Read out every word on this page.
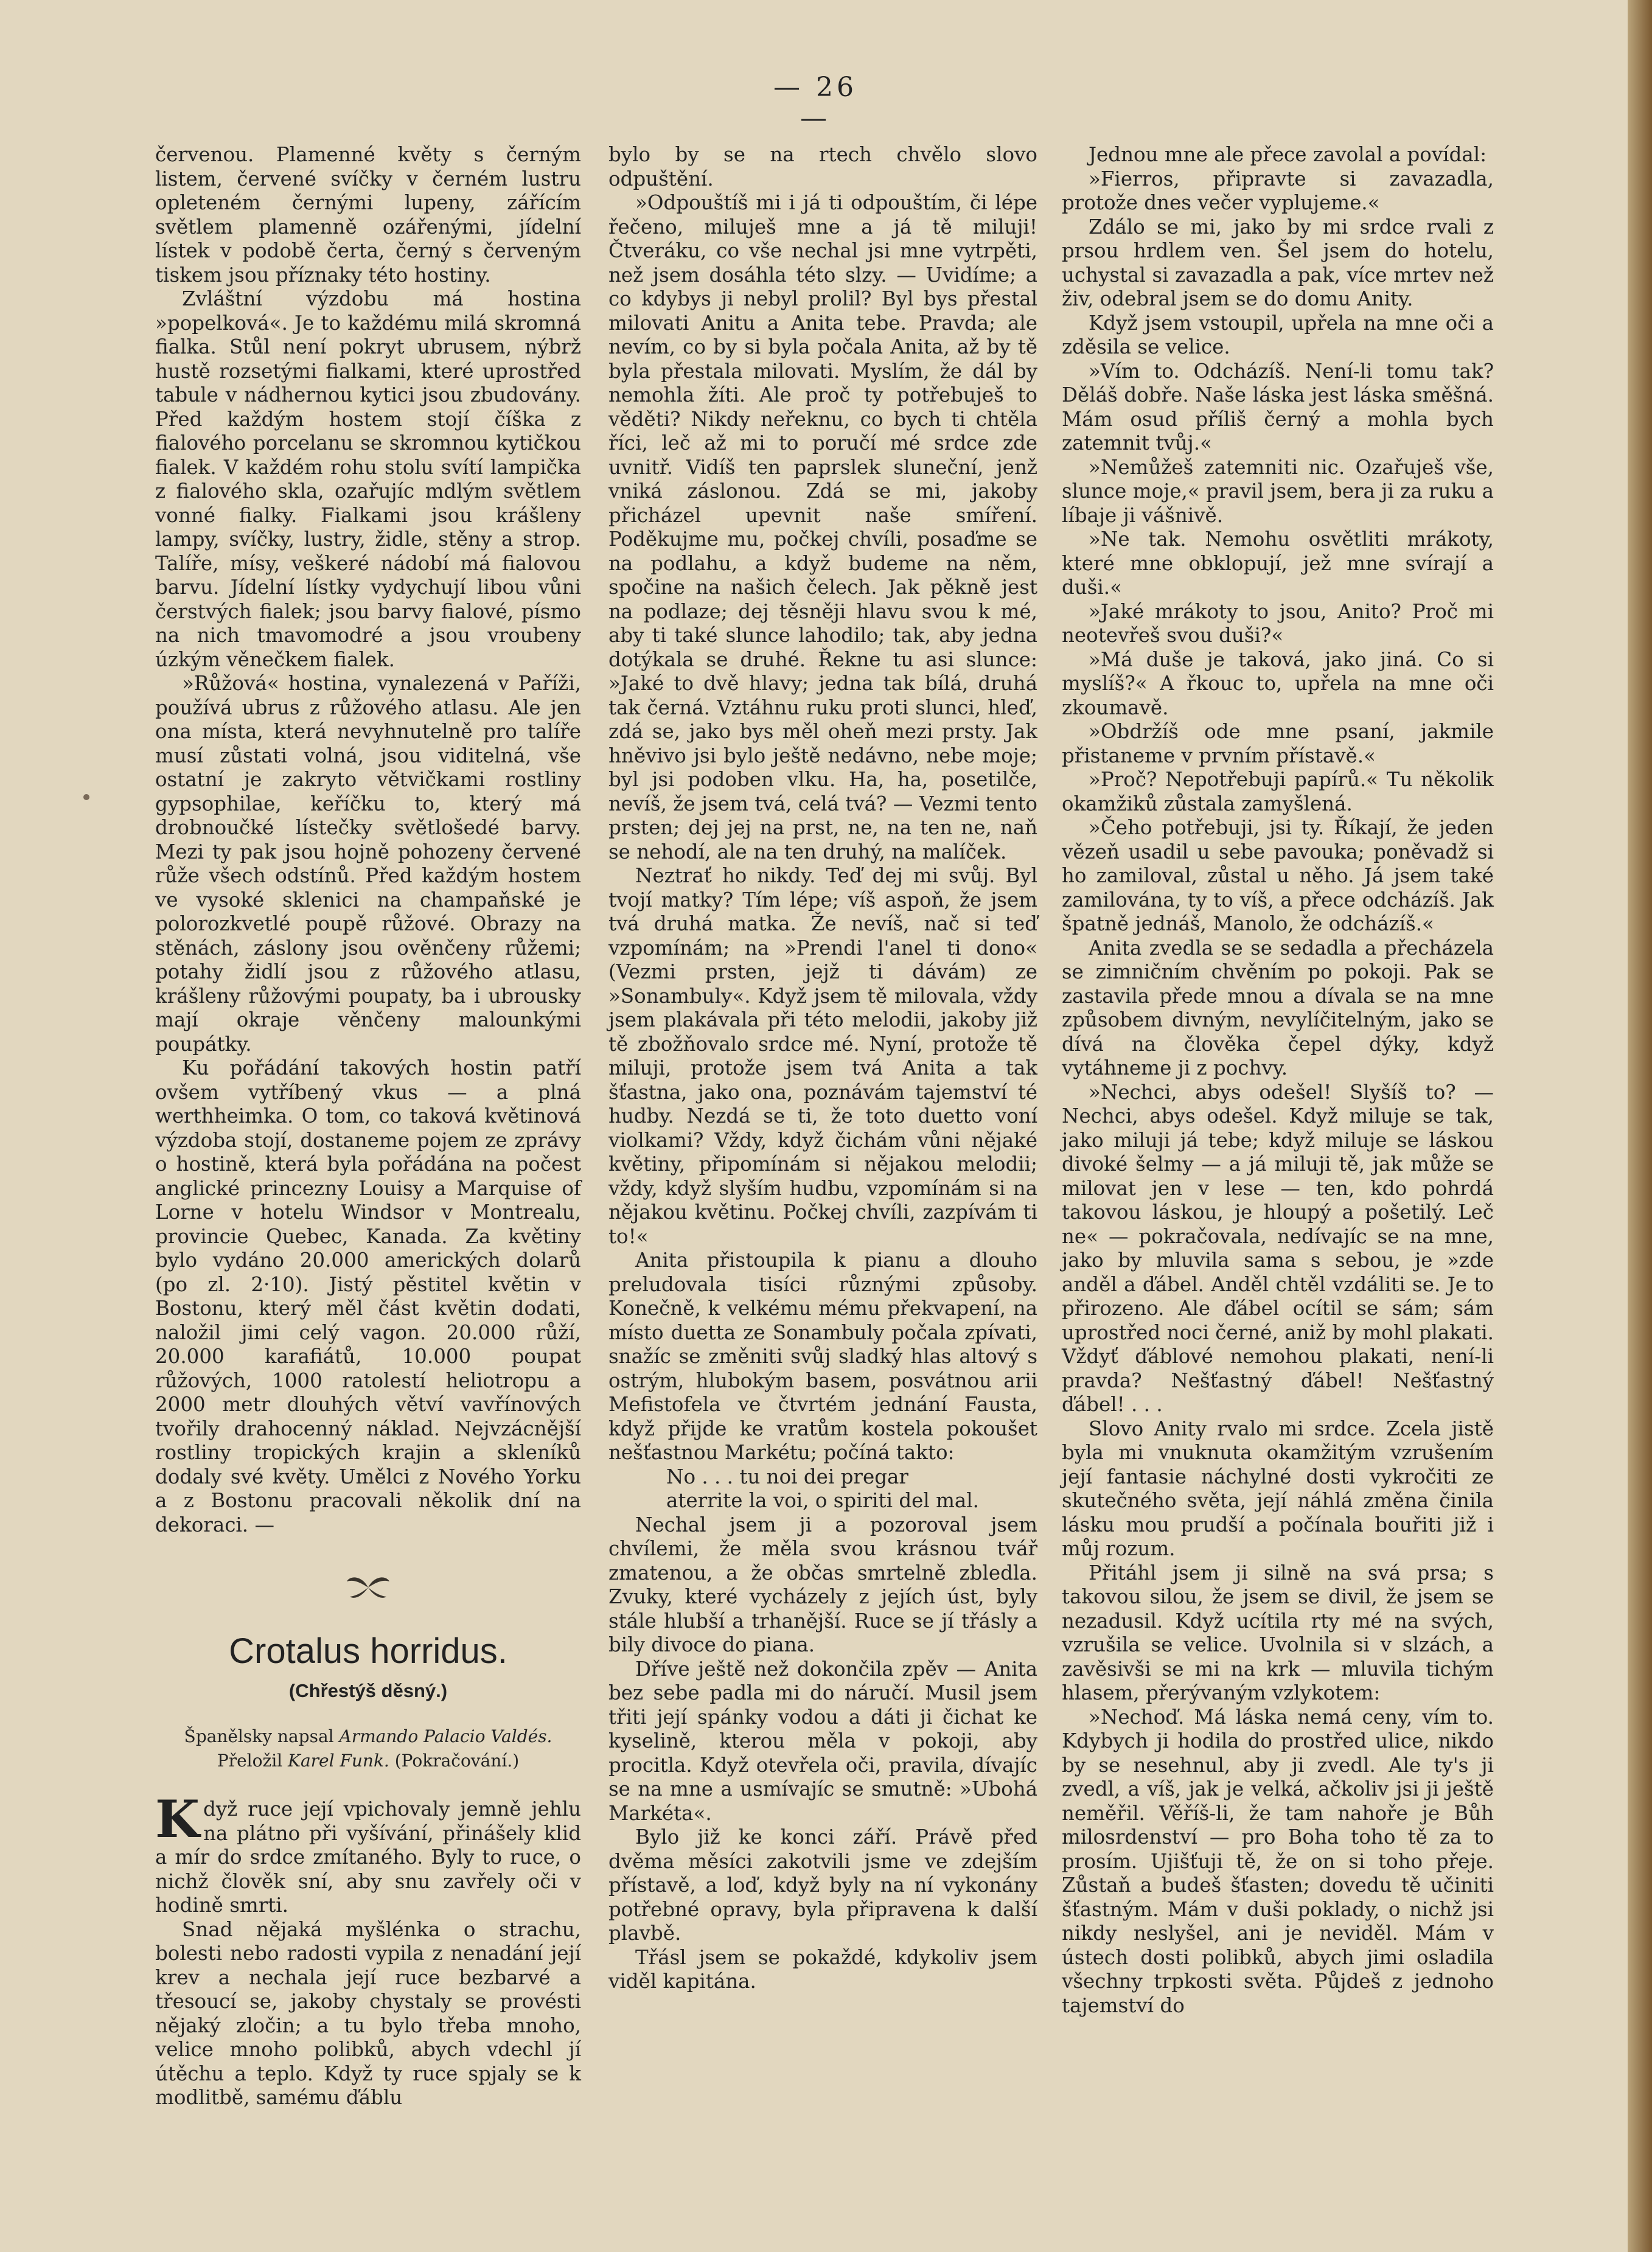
— 26 —

červenou. Plamenné květy s černým listem, červené svíčky v černém lustru opleteném černými lupeny, zářícím světlem plamenně ozářenými, jídelní lístek v podobě čerta, černý s červeným tiskem jsou příznaky této hostiny.

Zvláštní výzdobu má hostina »popelková«. Je to každému milá skromná fialka. Stůl není pokryt ubrusem, nýbrž hustě rozsetými fialkami, které uprostřed tabule v nádhernou kytici jsou zbudovány. Před každým hostem stojí číška z fialového porcelanu se skromnou kytičkou fialek. V každém rohu stolu svítí lampička z fialového skla, ozařujíc mdlým světlem vonné fialky. Fialkami jsou krášleny lampy, svíčky, lustry, židle, stěny a strop. Talíře, mísy, veškeré nádobí má fialovou barvu. Jídelní lístky vydychují libou vůni čerstvých fialek; jsou barvy fialové, písmo na nich tmavomodré a jsou vroubeny úzkým věnečkem fialek.

»Růžová« hostina, vynalezená v Paříži, používá ubrus z růžového atlasu. Ale jen ona místa, která nevyhnutelně pro talíře musí zůstati volná, jsou viditelná, vše ostatní je zakryto větvičkami rostliny gypsophilae, keříčku to, který má drobnoučké lístečky světlošedé barvy. Mezi ty pak jsou hojně pohozeny červené růže všech odstínů. Před každým hostem ve vysoké sklenici na champaňské je polorozkvetlé poupě růžové. Obrazy na stěnách, záslony jsou ověnčeny růžemi; potahy židlí jsou z růžového atlasu, krášleny růžovými poupaty, ba i ubrousky mají okraje věnčeny malounkými poupátky.

Ku pořádání takových hostin patří ovšem vytříbený vkus — a plná werthheimka. O tom, co taková květinová výzdoba stojí, dostaneme pojem ze zprávy o hostině, která byla pořádána na počest anglické princezny Louisy a Marquise of Lorne v hotelu Windsor v Montrealu, provincie Quebec, Kanada. Za květiny bylo vydáno 20.000 amerických dolarů (po zl. 2·10). Jistý pěstitel květin v Bostonu, který měl část květin dodati, naložil jimi celý vagon. 20.000 růží, 20.000 karafiátů, 10.000 poupat růžových, 1000 ratolestí heliotropu a 2000 metr dlouhých větví vavřínových tvořily drahocenný náklad. Nejvzácnější rostliny tropických krajin a skleníků dodaly své květy. Umělci z Nového Yorku a z Bostonu pracovali několik dní na dekoraci. —

Crotalus horridus.
(Chřestýš děsný.)
Španělsky napsal Armando Palacio Valdés.
Přeložil Karel Funk. (Pokračování.)

Když ruce její vpichovaly jemně jehlu na plátno při vyšívání, přinášely klid a mír do srdce zmítaného. Byly to ruce, o nichž člověk sní, aby snu zavřely oči v hodině smrti.

Snad nějaká myšlénka o strachu, bolesti nebo radosti vypila z nenadání její krev a nechala její ruce bezbarvé a třesoucí se, jakoby chystaly se provésti nějaký zločin; a tu bylo třeba mnoho, velice mnoho polibků, abych vdechl jí útěchu a teplo. Když ty ruce spjaly se k modlitbě, samému ďáblu

bylo by se na rtech chvělo slovo odpuštění.

»Odpouštíš mi i já ti odpouštím, či lépe řečeno, miluješ mne a já tě miluji! Čtveráku, co vše nechal jsi mne vytrpěti, než jsem dosáhla této slzy. — Uvidíme; a co kdybys ji nebyl prolil? Byl bys přestal milovati Anitu a Anita tebe. Pravda; ale nevím, co by si byla počala Anita, až by tě byla přestala milovati. Myslím, že dál by nemohla žíti. Ale proč ty potřebuješ to věděti? Nikdy neřeknu, co bych ti chtěla říci, leč až mi to poručí mé srdce zde uvnitř. Vidíš ten paprslek sluneční, jenž vniká záslonou. Zdá se mi, jakoby přicházel upevnit naše smíření. Poděkujme mu, počkej chvíli, posaďme se na podlahu, a když budeme na něm, spočine na našich čelech. Jak pěkně jest na podlaze; dej těsněji hlavu svou k mé, aby ti také slunce lahodilo; tak, aby jedna dotýkala se druhé. Řekne tu asi slunce: »Jaké to dvě hlavy; jedna tak bílá, druhá tak černá. Vztáhnu ruku proti slunci, hleď, zdá se, jako bys měl oheň mezi prsty. Jak hněvivo jsi bylo ještě nedávno, nebe moje; byl jsi podoben vlku. Ha, ha, posetilče, nevíš, že jsem tvá, celá tvá? — Vezmi tento prsten; dej jej na prst, ne, na ten ne, naň se nehodí, ale na ten druhý, na malíček.

Neztrať ho nikdy. Teď dej mi svůj. Byl tvojí matky? Tím lépe; víš aspoň, že jsem tvá druhá matka. Že nevíš, nač si teď vzpomínám; na »Prendi l'anel ti dono« (Vezmi prsten, jejž ti dávám) ze »Sonambuly«. Když jsem tě milovala, vždy jsem plakávala při této melodii, jakoby již tě zbožňovalo srdce mé. Nyní, protože tě miluji, protože jsem tvá Anita a tak šťastna, jako ona, poznávám tajemství té hudby. Nezdá se ti, že toto duetto voní violkami? Vždy, když čichám vůni nějaké květiny, připomínám si nějakou melodii; vždy, když slyším hudbu, vzpomínám si na nějakou květinu. Počkej chvíli, zazpívám ti to!«

Anita přistoupila k pianu a dlouho preludovala tisíci různými způsoby. Konečně, k velkému mému překvapení, na místo duetta ze Sonambuly počala zpívati, snažíc se změniti svůj sladký hlas altový s ostrým, hlubokým basem, posvátnou arii Mefistofela ve čtvrtém jednání Fausta, když přijde ke vratům kostela pokoušet nešťastnou Markétu; počíná takto:

No . . . tu noi dei pregar

aterrite la voi, o spiriti del mal.

Nechal jsem ji a pozoroval jsem chvílemi, že měla svou krásnou tvář zmatenou, a že občas smrtelně zbledla. Zvuky, které vycházely z jejích úst, byly stále hlubší a trhanější. Ruce se jí třásly a bily divoce do piana.

Dříve ještě než dokončila zpěv — Anita bez sebe padla mi do náručí. Musil jsem třiti její spánky vodou a dáti ji čichat ke kyselině, kterou měla v pokoji, aby procitla. Když otevřela oči, pravila, dívajíc se na mne a usmívajíc se smutně: »Ubohá Markéta«.

Bylo již ke konci září. Právě před dvěma měsíci zakotvili jsme ve zdejším přístavě, a loď, když byly na ní vykonány potřebné opravy, byla připravena k další plavbě.

Třásl jsem se pokaždé, kdykoliv jsem viděl kapitána.

Jednou mne ale přece zavolal a povídal:

»Fierros, připravte si zavazadla, protože dnes večer vyplujeme.«

Zdálo se mi, jako by mi srdce rvali z prsou hrdlem ven. Šel jsem do hotelu, uchystal si zavazadla a pak, více mrtev než živ, odebral jsem se do domu Anity.

Když jsem vstoupil, upřela na mne oči a zděsila se velice.

»Vím to. Odcházíš. Není-li tomu tak? Děláš dobře. Naše láska jest láska směšná. Mám osud příliš černý a mohla bych zatemnit tvůj.«

»Nemůžeš zatemniti nic. Ozařuješ vše, slunce moje,« pravil jsem, bera ji za ruku a líbaje ji vášnivě.

»Ne tak. Nemohu osvětliti mrákoty, které mne obklopují, jež mne svírají a duši.«

»Jaké mrákoty to jsou, Anito? Proč mi neotevřeš svou duši?«

»Má duše je taková, jako jiná. Co si myslíš?« A řkouc to, upřela na mne oči zkoumavě.

»Obdržíš ode mne psaní, jakmile přistaneme v prvním přístavě.«

»Proč? Nepotřebuji papírů.« Tu několik okamžiků zůstala zamyšlená.

»Čeho potřebuji, jsi ty. Říkají, že jeden vězeň usadil u sebe pavouka; poněvadž si ho zamiloval, zůstal u něho. Já jsem také zamilována, ty to víš, a přece odcházíš. Jak špatně jednáš, Manolo, že odcházíš.«

Anita zvedla se se sedadla a přecházela se zimničním chvěním po pokoji. Pak se zastavila přede mnou a dívala se na mne způsobem divným, nevylíčitelným, jako se dívá na člověka čepel dýky, když vytáhneme ji z pochvy.

»Nechci, abys odešel! Slyšíš to? — Nechci, abys odešel. Když miluje se tak, jako miluji já tebe; když miluje se láskou divoké šelmy — a já miluji tě, jak může se milovat jen v lese — ten, kdo pohrdá takovou láskou, je hloupý a pošetilý. Leč ne« — pokračovala, nedívajíc se na mne, jako by mluvila sama s sebou, je »zde anděl a ďábel. Anděl chtěl vzdáliti se. Je to přirozeno. Ale ďábel ocítil se sám; sám uprostřed noci černé, aniž by mohl plakati. Vždyť ďáblové nemohou plakati, není-li pravda? Nešťastný ďábel! Nešťastný ďábel! . . .

Slovo Anity rvalo mi srdce. Zcela jistě byla mi vnuknuta okamžitým vzrušením její fantasie náchylné dosti vykročiti ze skutečného světa, její náhlá změna činila lásku mou prudší a počínala bouřiti již i můj rozum.

Přitáhl jsem ji silně na svá prsa; s takovou silou, že jsem se divil, že jsem se nezadusil. Když ucítila rty mé na svých, vzrušila se velice. Uvolnila si v slzách, a zavěsivši se mi na krk — mluvila tichým hlasem, přerývaným vzlykotem:

»Nechoď. Má láska nemá ceny, vím to. Kdybych ji hodila do prostřed ulice, nikdo by se nesehnul, aby ji zvedl. Ale ty's ji zvedl, a víš, jak je velká, ačkoliv jsi ji ještě neměřil. Věříš-li, že tam nahoře je Bůh milosrdenství — pro Boha toho tě za to prosím. Ujišťuji tě, že on si toho přeje. Zůstaň a budeš šťasten; dovedu tě učiniti šťastným. Mám v duši poklady, o nichž jsi nikdy neslyšel, ani je neviděl. Mám v ústech dosti polibků, abych jimi osladila všechny trpkosti světa. Půjdeš z jednoho tajemství do
